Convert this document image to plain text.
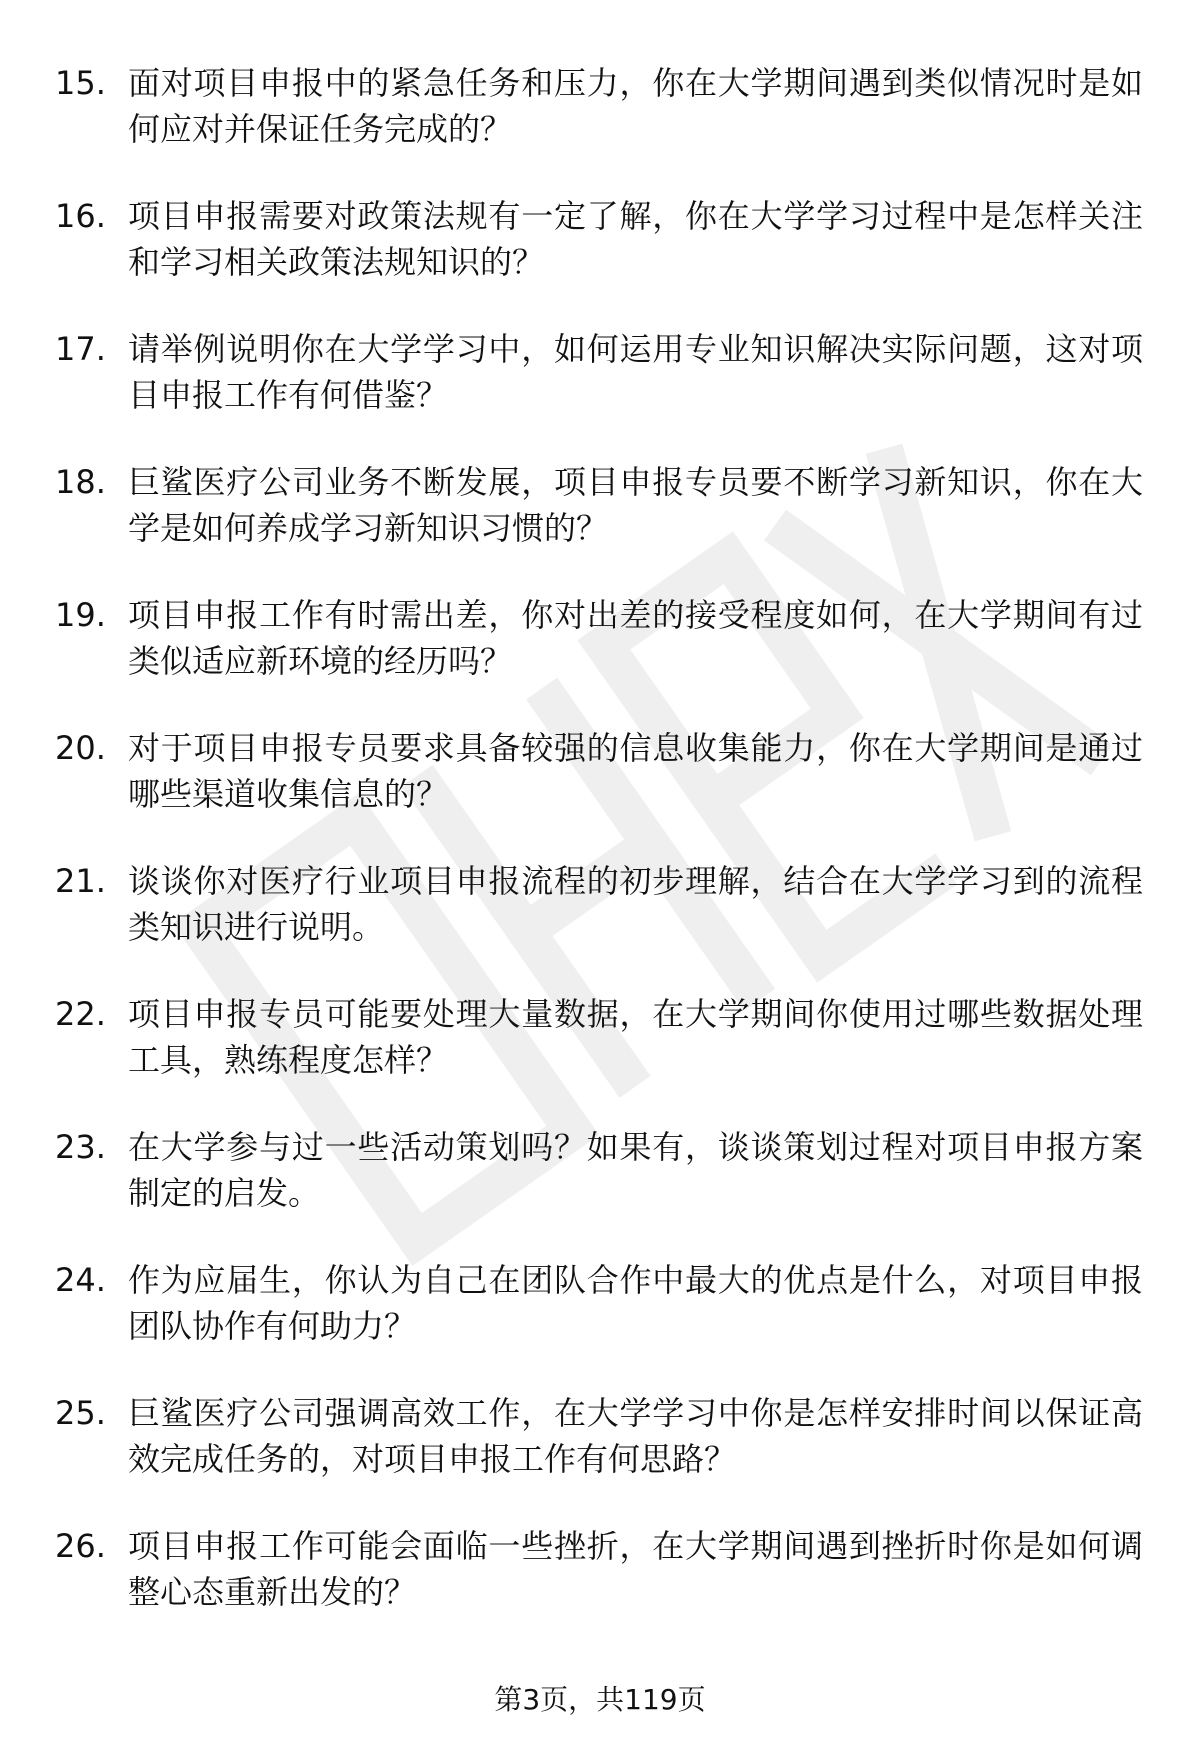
15. 面对项目申报中的紧急任务和压力，你在大学期间遇到类似情况时是如何应对并保证任务完成的？
16. 项目申报需要对政策法规有一定了解，你在大学学习过程中是怎样关注和学习相关政策法规知识的？
17. 请举例说明你在大学学习中，如何运用专业知识解决实际问题，这对项目申报工作有何借鉴？
18. 巨鲨医疗公司业务不断发展，项目申报专员要不断学习新知识，你在大学是如何养成学习新知识习惯的？
19. 项目申报工作有时需出差，你对出差的接受程度如何，在大学期间有过类似适应新环境的经历吗？
20. 对于项目申报专员要求具备较强的信息收集能力，你在大学期间是通过哪些渠道收集信息的？
21. 谈谈你对医疗行业项目申报流程的初步理解，结合在大学学习到的流程类知识进行说明。
22. 项目申报专员可能要处理大量数据，在大学期间你使用过哪些数据处理工具，熟练程度怎样？
23. 在大学参与过一些活动策划吗？如果有，谈谈策划过程对项目申报方案制定的启发。
24. 作为应届生，你认为自己在团队合作中最大的优点是什么，对项目申报团队协作有何助力？
25. 巨鲨医疗公司强调高效工作，在大学学习中你是怎样安排时间以保证高效完成任务的，对项目申报工作有何思路？
26. 项目申报工作可能会面临一些挫折，在大学期间遇到挫折时你是如何调整心态重新出发的？
第3页，共119页
